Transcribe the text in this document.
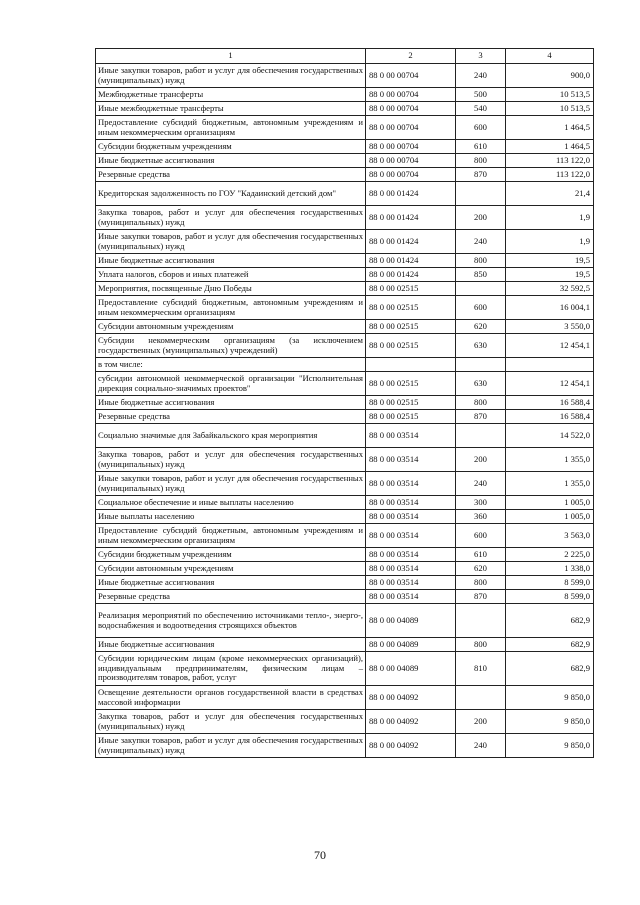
1	2	3	4
Иные закупки товаров, работ и услуг для обеспечения государственных (муниципальных) нужд	88 0 00 00704	240	900,0
Межбюджетные трансферты	88 0 00 00704	500	10 513,5
Иные межбюджетные трансферты	88 0 00 00704	540	10 513,5
Предоставление субсидий бюджетным, автономным учреждениям и иным некоммерческим организациям	88 0 00 00704	600	1 464,5
Субсидии бюджетным учреждениям	88 0 00 00704	610	1 464,5
Иные бюджетные ассигнования	88 0 00 00704	800	113 122,0
Резервные средства	88 0 00 00704	870	113 122,0
Кредиторская задолженность по ГОУ "Кадаинский детский дом"	88 0 00 01424		21,4
Закупка товаров, работ и услуг для обеспечения государственных (муниципальных) нужд	88 0 00 01424	200	1,9
Иные закупки товаров, работ и услуг для обеспечения государственных (муниципальных) нужд	88 0 00 01424	240	1,9
Иные бюджетные ассигнования	88 0 00 01424	800	19,5
Уплата налогов, сборов и иных платежей	88 0 00 01424	850	19,5
Мероприятия, посвященные Дню Победы	88 0 00 02515		32 592,5
Предоставление субсидий бюджетным, автономным учреждениям и иным некоммерческим организациям	88 0 00 02515	600	16 004,1
Субсидии автономным учреждениям	88 0 00 02515	620	3 550,0
Субсидии некоммерческим организациям (за исключением государственных (муниципальных) учреждений)	88 0 00 02515	630	12 454,1
в том числе:			
субсидии автономной некоммерческой организации "Исполнительная дирекция социально-значимых проектов"	88 0 00 02515	630	12 454,1
Иные бюджетные ассигнования	88 0 00 02515	800	16 588,4
Резервные средства	88 0 00 02515	870	16 588,4
Социально значимые для Забайкальского края мероприятия	88 0 00 03514		14 522,0
Закупка товаров, работ и услуг для обеспечения государственных (муниципальных) нужд	88 0 00 03514	200	1 355,0
Иные закупки товаров, работ и услуг для обеспечения государственных (муниципальных) нужд	88 0 00 03514	240	1 355,0
Социальное обеспечение и иные выплаты населению	88 0 00 03514	300	1 005,0
Иные выплаты населению	88 0 00 03514	360	1 005,0
Предоставление субсидий бюджетным, автономным учреждениям и иным некоммерческим организациям	88 0 00 03514	600	3 563,0
Субсидии бюджетным учреждениям	88 0 00 03514	610	2 225,0
Субсидии автономным учреждениям	88 0 00 03514	620	1 338,0
Иные бюджетные ассигнования	88 0 00 03514	800	8 599,0
Резервные средства	88 0 00 03514	870	8 599,0
Реализация мероприятий по обеспечению источниками тепло-, энерго-, водоснабжения и водоотведения строящихся объектов	88 0 00 04089		682,9
Иные бюджетные ассигнования	88 0 00 04089	800	682,9
Субсидии юридическим лицам (кроме некоммерческих организаций), индивидуальным предпринимателям, физическим лицам – производителям товаров, работ, услуг	88 0 00 04089	810	682,9
Освещение деятельности органов государственной власти в средствах массовой информации	88 0 00 04092		9 850,0
Закупка товаров, работ и услуг для обеспечения государственных (муниципальных) нужд	88 0 00 04092	200	9 850,0
Иные закупки товаров, работ и услуг для обеспечения государственных (муниципальных) нужд	88 0 00 04092	240	9 850,0
70
